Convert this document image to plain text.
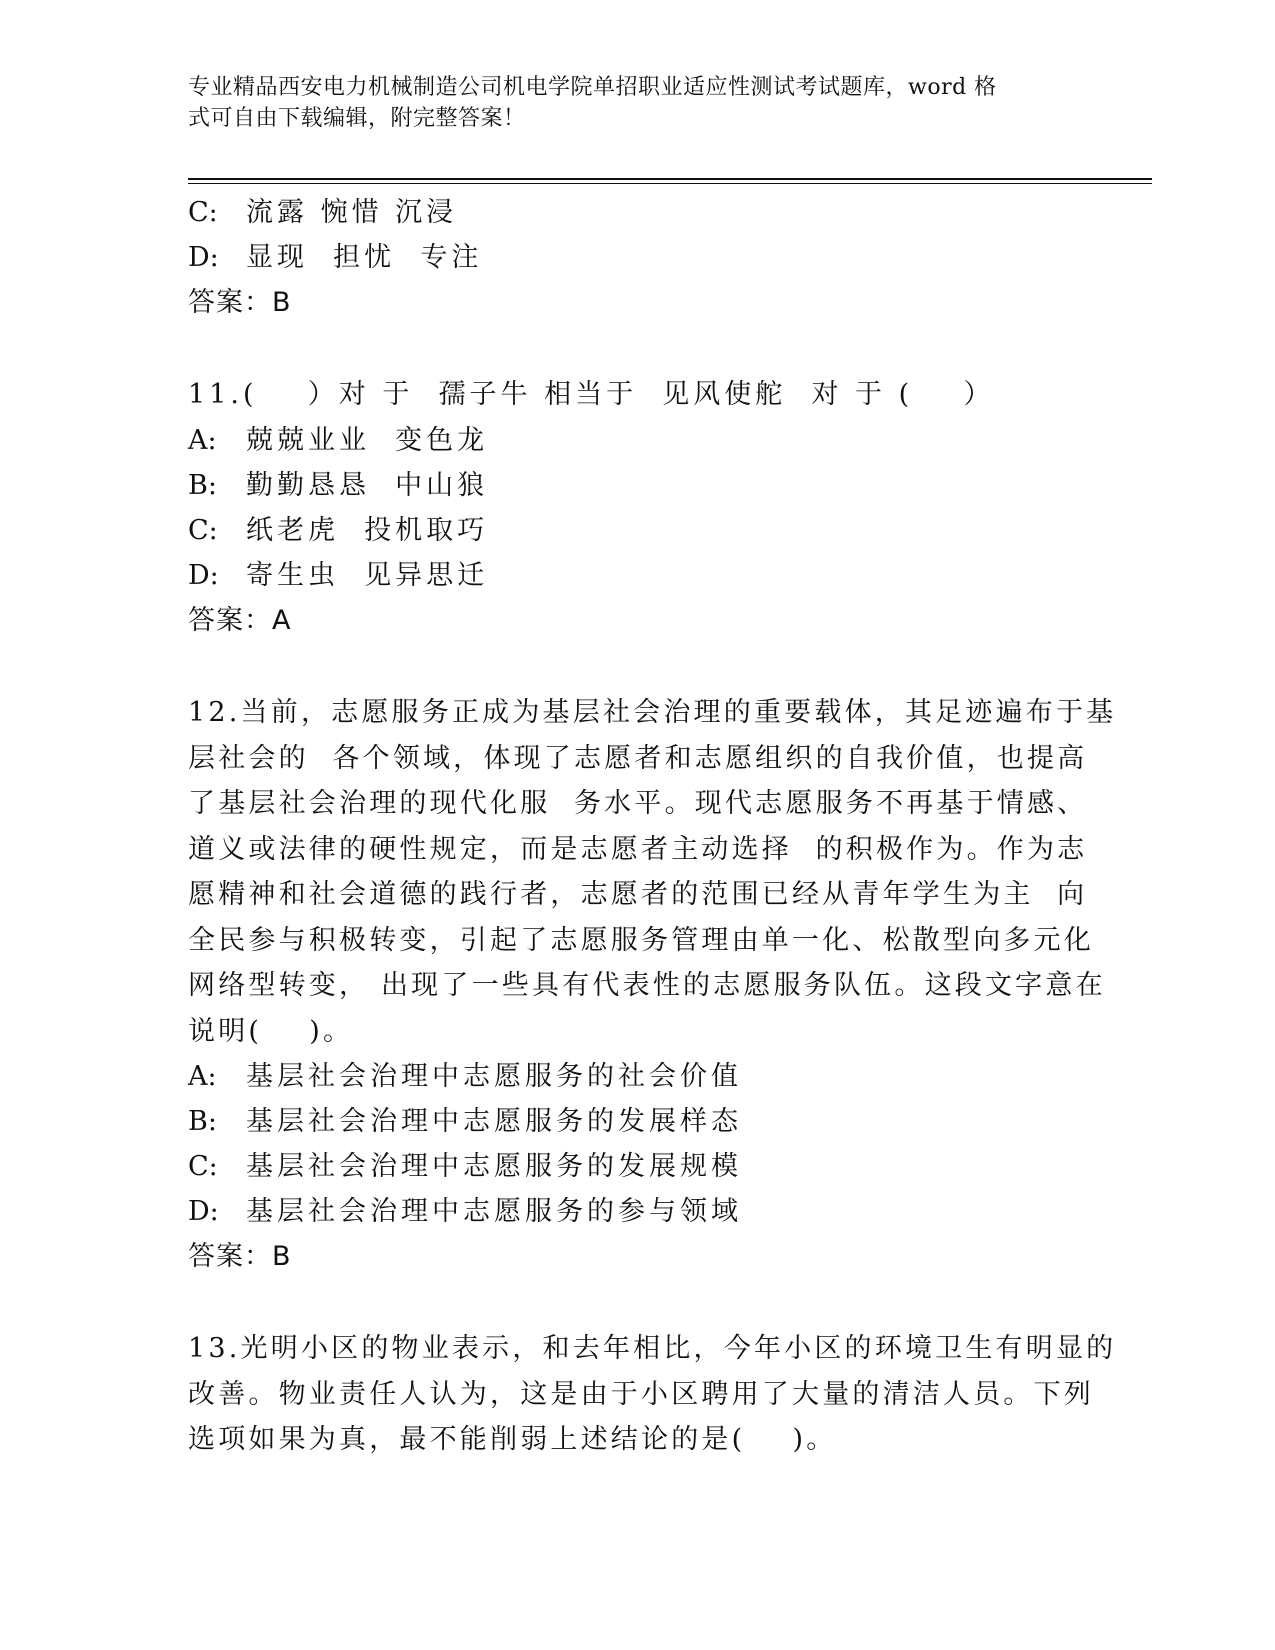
专业精品西安电力机械制造公司机电学院单招职业适应性测试考试题库，word 格
式可自由下载编辑，附完整答案！
C: 流露 惋惜 沉浸
D: 显现  担忧  专注
答案：B
11.(    ）对 于  孺子牛 相当于  见风使舵  对 于 (    ）
A: 兢兢业业  变色龙
B: 勤勤恳恳  中山狼
C: 纸老虎  投机取巧
D: 寄生虫  见异思迁
答案：A
12.当前，志愿服务正成为基层社会治理的重要载体，其足迹遍布于基
层社会的  各个领域，体现了志愿者和志愿组织的自我价值，也提高
了基层社会治理的现代化服  务水平。现代志愿服务不再基于情感、
道义或法律的硬性规定，而是志愿者主动选择  的积极作为。作为志
愿精神和社会道德的践行者，志愿者的范围已经从青年学生为主  向
全民参与积极转变，引起了志愿服务管理由单一化、松散型向多元化
网络型转变， 出现了一些具有代表性的志愿服务队伍。这段文字意在
说明(    )。
A: 基层社会治理中志愿服务的社会价值
B: 基层社会治理中志愿服务的发展样态
C: 基层社会治理中志愿服务的发展规模
D: 基层社会治理中志愿服务的参与领域
答案：B
13.光明小区的物业表示，和去年相比，今年小区的环境卫生有明显的
改善。物业责任人认为，这是由于小区聘用了大量的清洁人员。下列
选项如果为真，最不能削弱上述结论的是(    )。
